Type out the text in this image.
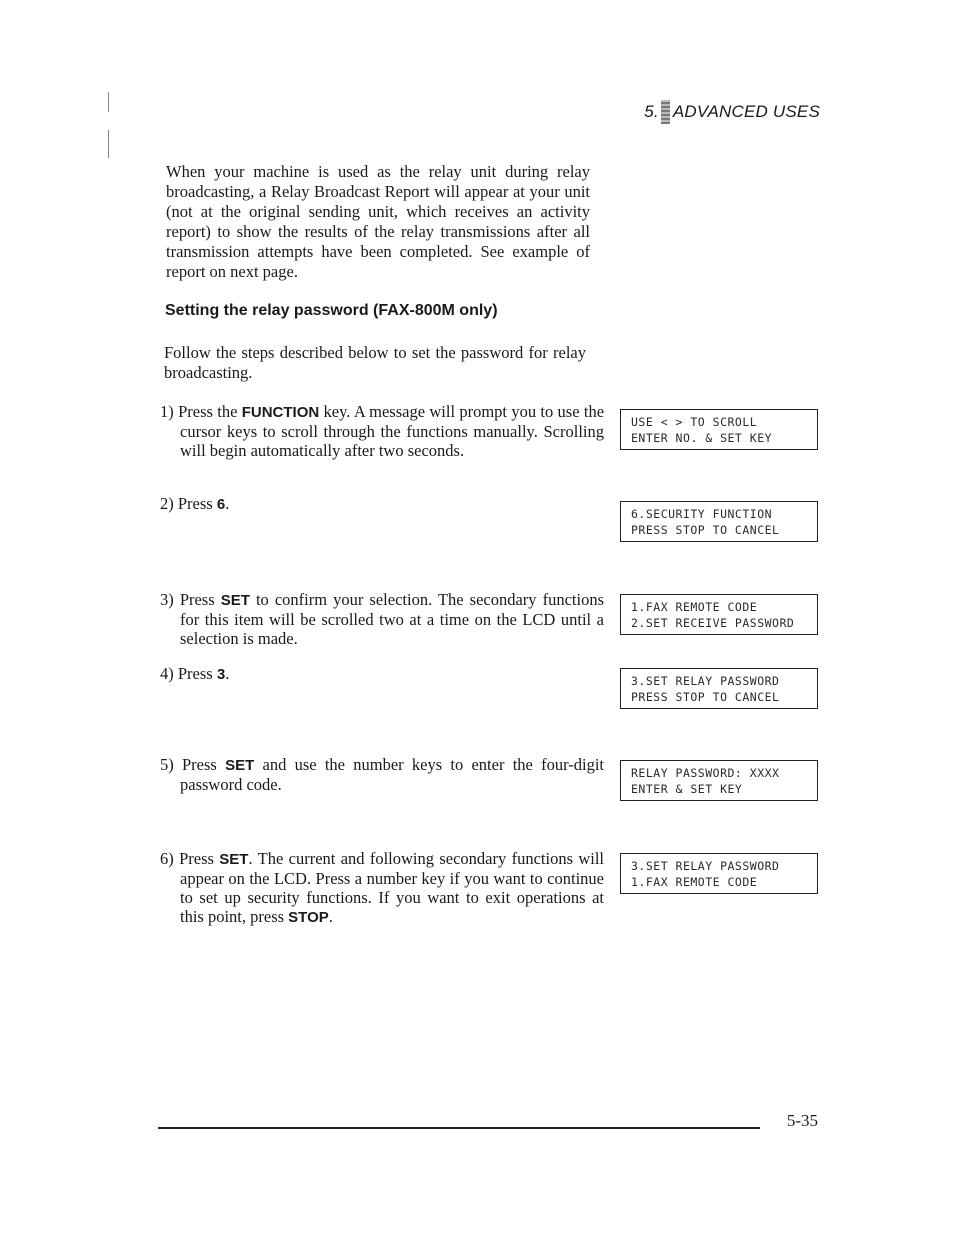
5. ADVANCED USES

When your machine is used as the relay unit during relay broadcasting, a Relay Broadcast Report will appear at your unit (not at the original sending unit, which receives an activity report) to show the results of the relay transmissions after all transmission attempts have been completed. See example of report on next page.

Setting the relay password (FAX-800M only)

Follow the steps described below to set the password for relay broadcasting.

1) Press the FUNCTION key. A message will prompt you to use the cursor keys to scroll through the functions manually. Scrolling will begin automatically after two seconds.

USE < > TO SCROLL
ENTER NO. & SET KEY

2) Press 6.

6.SECURITY FUNCTION
PRESS STOP TO CANCEL

3) Press SET to confirm your selection. The secondary functions for this item will be scrolled two at a time on the LCD until a selection is made.

1.FAX REMOTE CODE
2.SET RECEIVE PASSWORD

4) Press 3.	3.SET RELAY PASSWORD
PRESS STOP TO CANCEL

5) Press SET and use the number keys to enter the four-digit password code.

RELAY PASSWORD: XXXX
ENTER & SET KEY

6) Press SET. The current and following secondary functions will appear on the LCD. Press a number key if you want to continue to set up security functions. If you want to exit operations at this point, press STOP.

3.SET RELAY PASSWORD
1.FAX REMOTE CODE
5-35
